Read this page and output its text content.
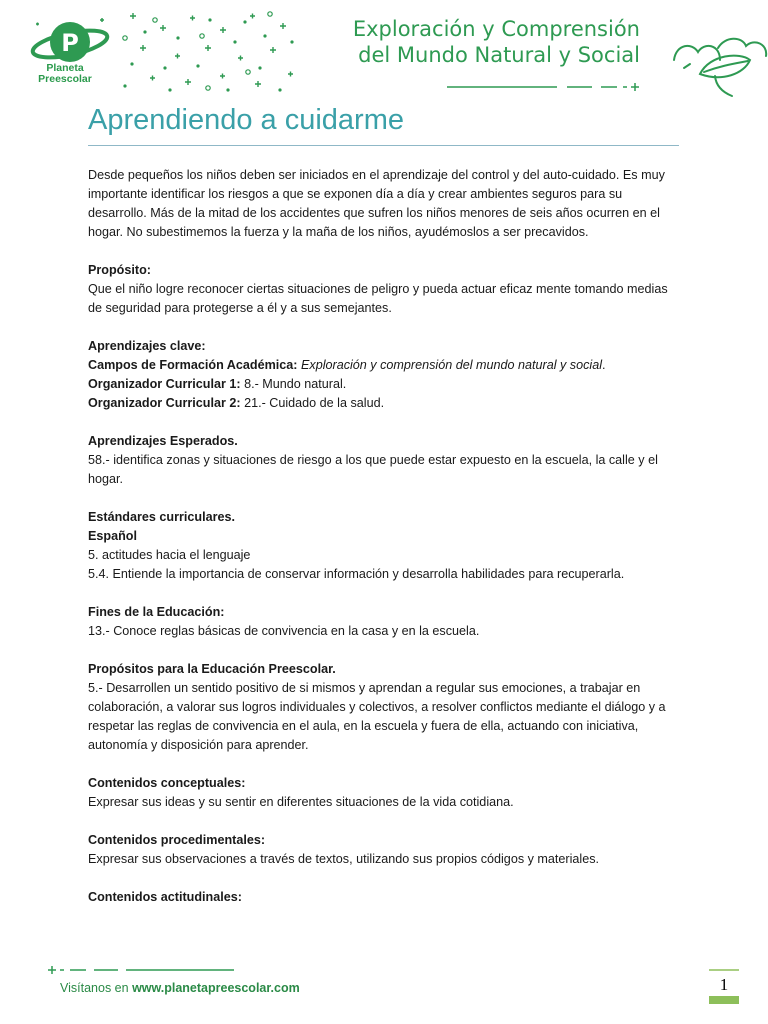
P
Planeta
Preescolar
Exploración y Comprensión
del Mundo Natural y Social
Aprendiendo a cuidarme

Desde pequeños los niños deben ser iniciados en el aprendizaje del control y del auto-cuidado. Es muy importante identificar los riesgos a que se exponen día a día y crear ambientes seguros para su desarrollo. Más de la mitad de los accidentes que sufren los niños menores de seis años ocurren en el hogar. No subestimemos la fuerza y la maña de los niños, ayudémoslos a ser precavidos.

Propósito:
Que el niño logre reconocer ciertas situaciones de peligro y pueda actuar eficaz mente tomando medias de seguridad para protegerse a él y a sus semejantes.

Aprendizajes clave:
Campos de Formación Académica: Exploración y comprensión del mundo natural y social.
Organizador Curricular 1: 8.- Mundo natural.
Organizador Curricular 2: 21.- Cuidado de la salud.

Aprendizajes Esperados.
58.- identifica zonas y situaciones de riesgo a los que puede estar expuesto en la escuela, la calle y el hogar.

Estándares curriculares.
Español
5. actitudes hacia el lenguaje
5.4. Entiende la importancia de conservar información y desarrolla habilidades para recuperarla.

Fines de la Educación:
13.- Conoce reglas básicas de convivencia en la casa y en la escuela.

Propósitos para la Educación Preescolar.
5.- Desarrollen un sentido positivo de si mismos y aprendan a regular sus emociones, a trabajar en colaboración, a valorar sus logros individuales y colectivos, a resolver conflictos mediante el diálogo y a respetar las reglas de convivencia en el aula, en la escuela y fuera de ella, actuando con iniciativa, autonomía y disposición para aprender.

Contenidos conceptuales:
Expresar sus ideas y su sentir en diferentes situaciones de la vida cotidiana.

Contenidos procedimentales:
Expresar sus observaciones a través de textos, utilizando sus propios códigos y materiales.

Contenidos actitudinales:

Visítanos en www.planetapreescolar.com	1
